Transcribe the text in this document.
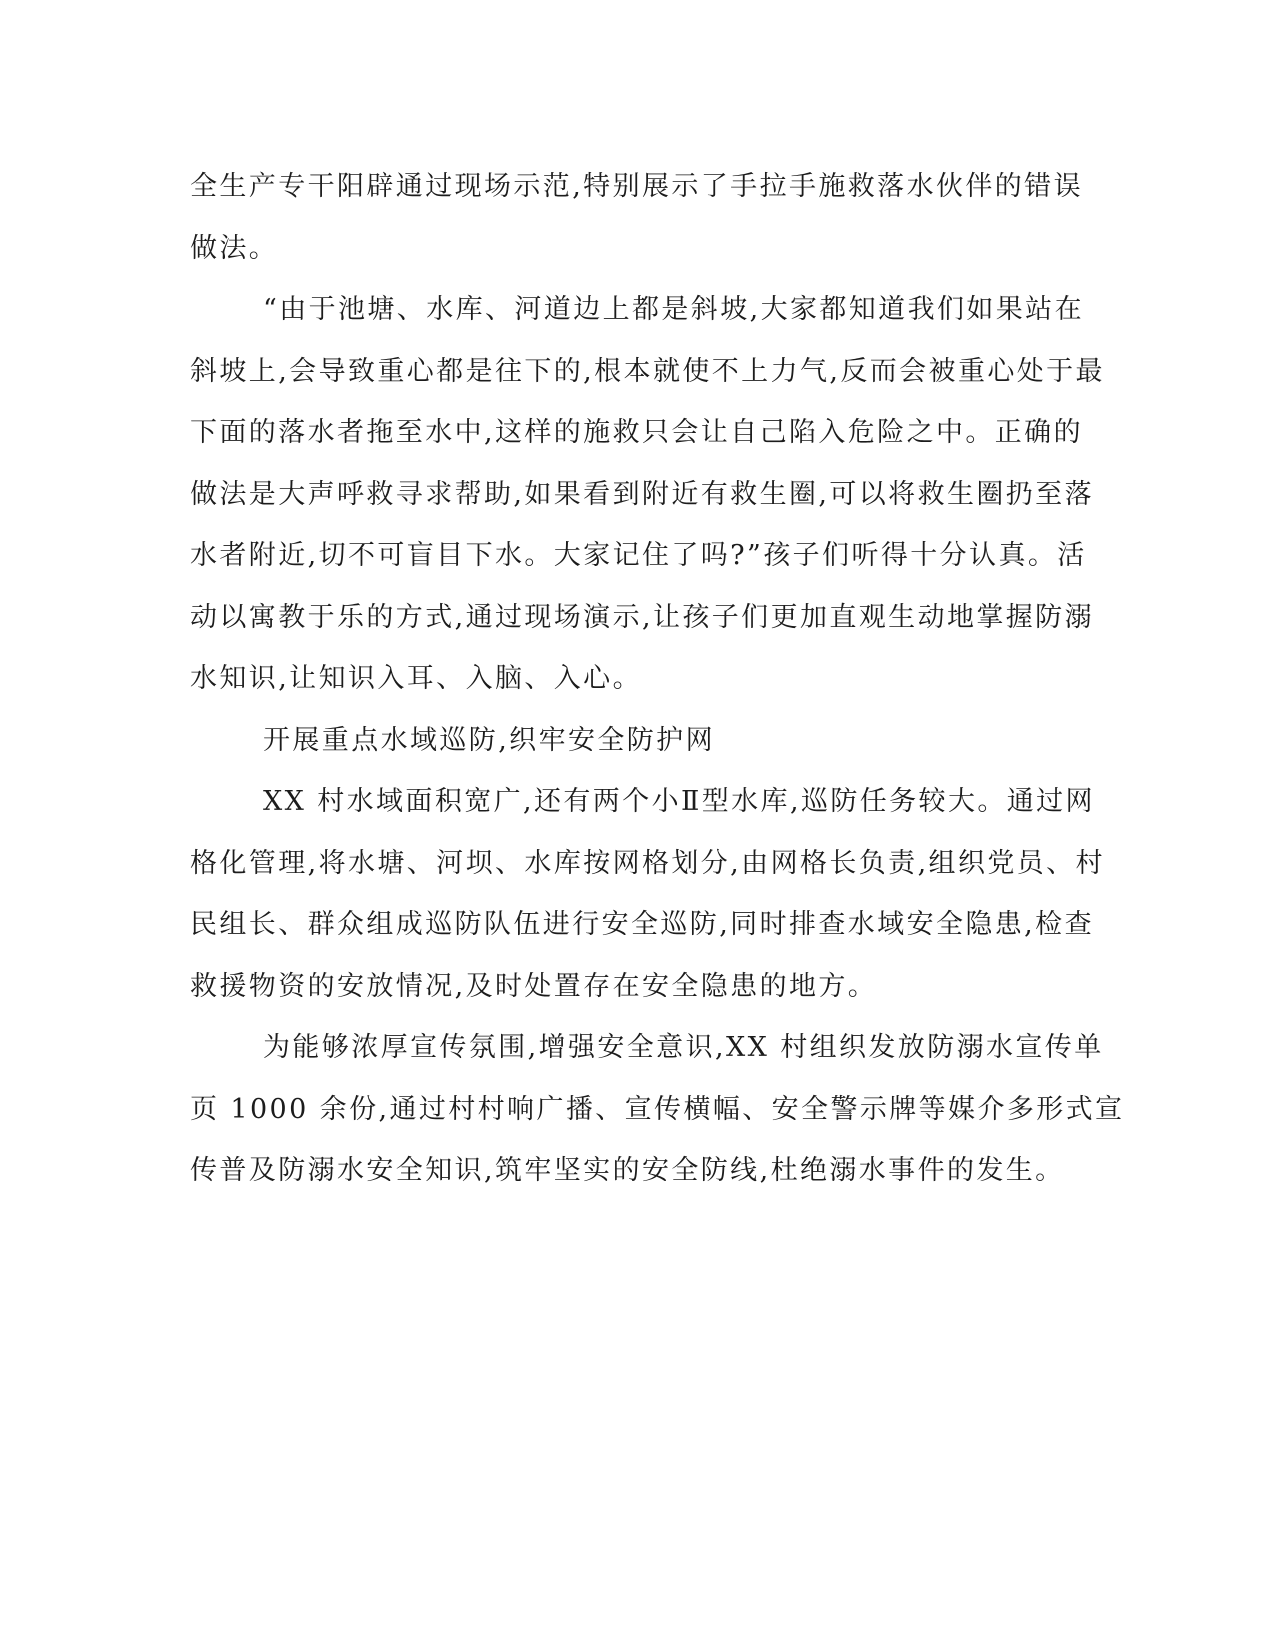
全生产专干阳辟通过现场示范,特别展示了手拉手施救落水伙伴的错误
做法。
“由于池塘、水库、河道边上都是斜坡,大家都知道我们如果站在
斜坡上,会导致重心都是往下的,根本就使不上力气,反而会被重心处于最
下面的落水者拖至水中,这样的施救只会让自己陷入危险之中。正确的
做法是大声呼救寻求帮助,如果看到附近有救生圈,可以将救生圈扔至落
水者附近,切不可盲目下水。大家记住了吗?”孩子们听得十分认真。活
动以寓教于乐的方式,通过现场演示,让孩子们更加直观生动地掌握防溺
水知识,让知识入耳、入脑、入心。
开展重点水域巡防,织牢安全防护网
XX 村水域面积宽广,还有两个小Ⅱ型水库,巡防任务较大。通过网
格化管理,将水塘、河坝、水库按网格划分,由网格长负责,组织党员、村
民组长、群众组成巡防队伍进行安全巡防,同时排查水域安全隐患,检查
救援物资的安放情况,及时处置存在安全隐患的地方。
为能够浓厚宣传氛围,增强安全意识,XX 村组织发放防溺水宣传单
页 1000 余份,通过村村响广播、宣传横幅、安全警示牌等媒介多形式宣
传普及防溺水安全知识,筑牢坚实的安全防线,杜绝溺水事件的发生。
